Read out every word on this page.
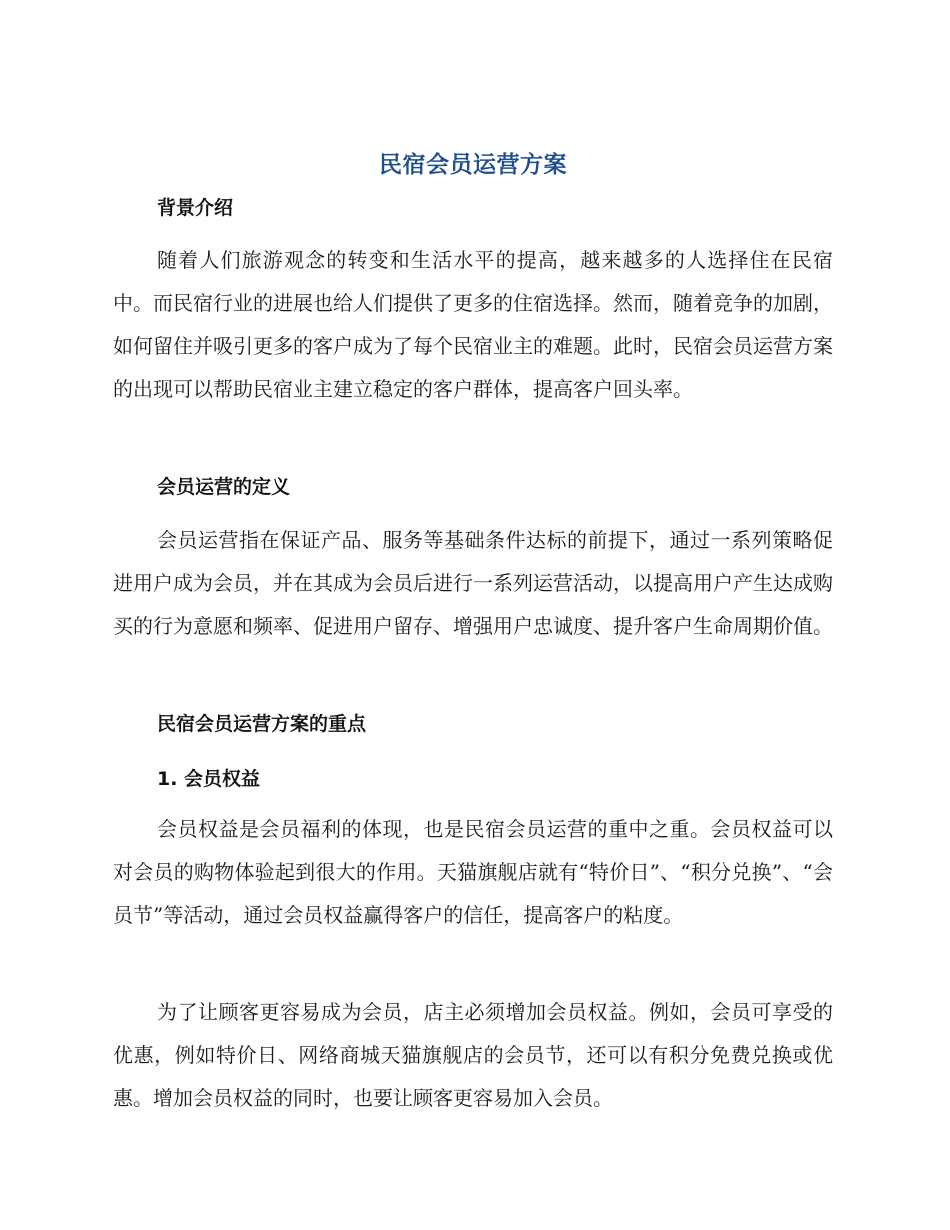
民宿会员运营方案
背景介绍

随着人们旅游观念的转变和生活水平的提高，越来越多的人选择住在民宿中。而民宿行业的进展也给人们提供了更多的住宿选择。然而，随着竞争的加剧，如何留住并吸引更多的客户成为了每个民宿业主的难题。此时，民宿会员运营方案的出现可以帮助民宿业主建立稳定的客户群体，提高客户回头率。

会员运营的定义

会员运营指在保证产品、服务等基础条件达标的前提下，通过一系列策略促进用户成为会员，并在其成为会员后进行一系列运营活动，以提高用户产生达成购买的行为意愿和频率、促进用户留存、增强用户忠诚度、提升客户生命周期价值。

民宿会员运营方案的重点
1. 会员权益

会员权益是会员福利的体现，也是民宿会员运营的重中之重。会员权益可以对会员的购物体验起到很大的作用。天猫旗舰店就有“特价日”、“积分兑换”、“会员节”等活动，通过会员权益赢得客户的信任，提高客户的粘度。

为了让顾客更容易成为会员，店主必须增加会员权益。例如，会员可享受的优惠，例如特价日、网络商城天猫旗舰店的会员节，还可以有积分免费兑换或优惠。增加会员权益的同时，也要让顾客更容易加入会员。
